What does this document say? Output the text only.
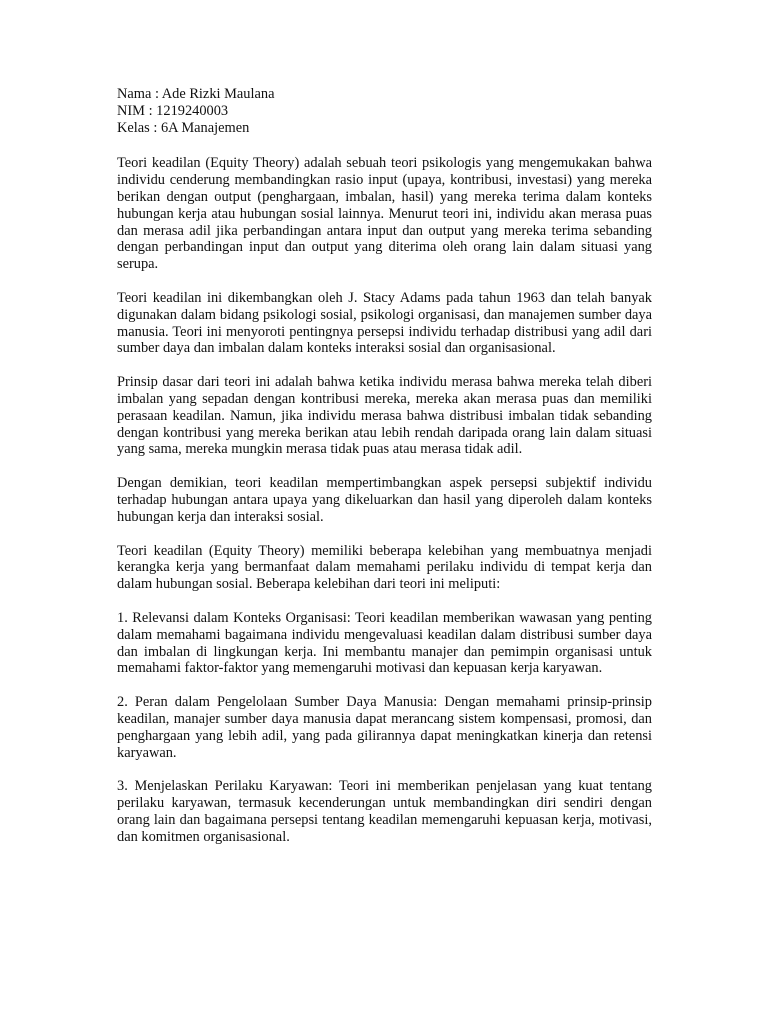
Nama : Ade Rizki Maulana
NIM : 1219240003
Kelas : 6A Manajemen

Teori keadilan (Equity Theory) adalah sebuah teori psikologis yang mengemukakan bahwa individu cenderung membandingkan rasio input (upaya, kontribusi, investasi) yang mereka berikan dengan output (penghargaan, imbalan, hasil) yang mereka terima dalam konteks hubungan kerja atau hubungan sosial lainnya. Menurut teori ini, individu akan merasa puas dan merasa adil jika perbandingan antara input dan output yang mereka terima sebanding dengan perbandingan input dan output yang diterima oleh orang lain dalam situasi yang serupa.

Teori keadilan ini dikembangkan oleh J. Stacy Adams pada tahun 1963 dan telah banyak digunakan dalam bidang psikologi sosial, psikologi organisasi, dan manajemen sumber daya manusia. Teori ini menyoroti pentingnya persepsi individu terhadap distribusi yang adil dari sumber daya dan imbalan dalam konteks interaksi sosial dan organisasional.

Prinsip dasar dari teori ini adalah bahwa ketika individu merasa bahwa mereka telah diberi imbalan yang sepadan dengan kontribusi mereka, mereka akan merasa puas dan memiliki perasaan keadilan. Namun, jika individu merasa bahwa distribusi imbalan tidak sebanding dengan kontribusi yang mereka berikan atau lebih rendah daripada orang lain dalam situasi yang sama, mereka mungkin merasa tidak puas atau merasa tidak adil.

Dengan demikian, teori keadilan mempertimbangkan aspek persepsi subjektif individu terhadap hubungan antara upaya yang dikeluarkan dan hasil yang diperoleh dalam konteks hubungan kerja dan interaksi sosial.

Teori keadilan (Equity Theory) memiliki beberapa kelebihan yang membuatnya menjadi kerangka kerja yang bermanfaat dalam memahami perilaku individu di tempat kerja dan dalam hubungan sosial. Beberapa kelebihan dari teori ini meliputi:

1. Relevansi dalam Konteks Organisasi: Teori keadilan memberikan wawasan yang penting dalam memahami bagaimana individu mengevaluasi keadilan dalam distribusi sumber daya dan imbalan di lingkungan kerja. Ini membantu manajer dan pemimpin organisasi untuk memahami faktor-faktor yang memengaruhi motivasi dan kepuasan kerja karyawan.

2. Peran dalam Pengelolaan Sumber Daya Manusia: Dengan memahami prinsip-prinsip keadilan, manajer sumber daya manusia dapat merancang sistem kompensasi, promosi, dan penghargaan yang lebih adil, yang pada gilirannya dapat meningkatkan kinerja dan retensi karyawan.

3. Menjelaskan Perilaku Karyawan: Teori ini memberikan penjelasan yang kuat tentang perilaku karyawan, termasuk kecenderungan untuk membandingkan diri sendiri dengan orang lain dan bagaimana persepsi tentang keadilan memengaruhi kepuasan kerja, motivasi, dan komitmen organisasional.
